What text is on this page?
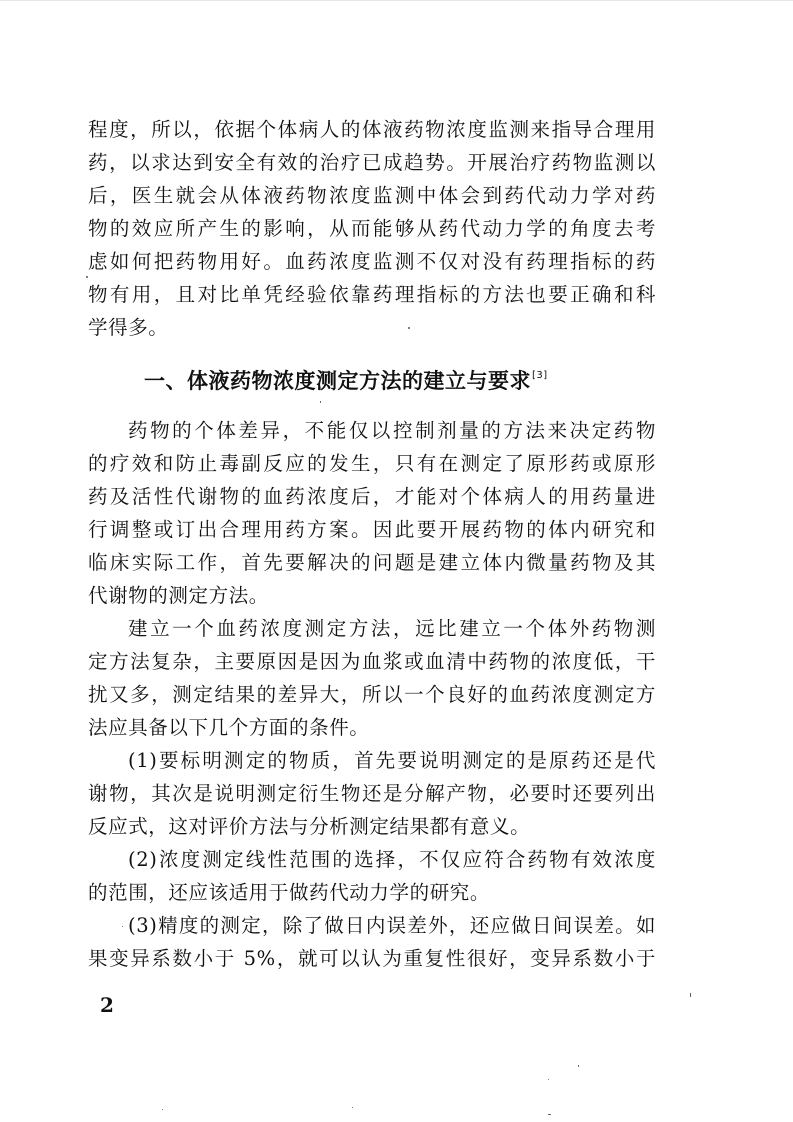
程度，所以，依据个体病人的体液药物浓度监测来指导合理用
药，以求达到安全有效的治疗已成趋势。开展治疗药物监测以
后，医生就会从体液药物浓度监测中体会到药代动力学对药
物的效应所产生的影响，从而能够从药代动力学的角度去考
虑如何把药物用好。血药浓度监测不仅对没有药理指标的药
物有用，且对比单凭经验依靠药理指标的方法也要正确和科
学得多。
一、体液药物浓度测定方法的建立与要求[3]
药物的个体差异，不能仅以控制剂量的方法来决定药物
的疗效和防止毒副反应的发生，只有在测定了原形药或原形
药及活性代谢物的血药浓度后，才能对个体病人的用药量进
行调整或订出合理用药方案。因此要开展药物的体内研究和
临床实际工作，首先要解决的问题是建立体内微量药物及其
代谢物的测定方法。
建立一个血药浓度测定方法，远比建立一个体外药物测
定方法复杂，主要原因是因为血浆或血清中药物的浓度低，干
扰又多，测定结果的差异大，所以一个良好的血药浓度测定方
法应具备以下几个方面的条件。
(1)要标明测定的物质，首先要说明测定的是原药还是代
谢物，其次是说明测定衍生物还是分解产物，必要时还要列出
反应式，这对评价方法与分析测定结果都有意义。
(2)浓度测定线性范围的选择，不仅应符合药物有效浓度
的范围，还应该适用于做药代动力学的研究。
(3)精度的测定，除了做日内误差外，还应做日间误差。如
果变异系数小于 5%，就可以认为重复性很好，变异系数小于
2
